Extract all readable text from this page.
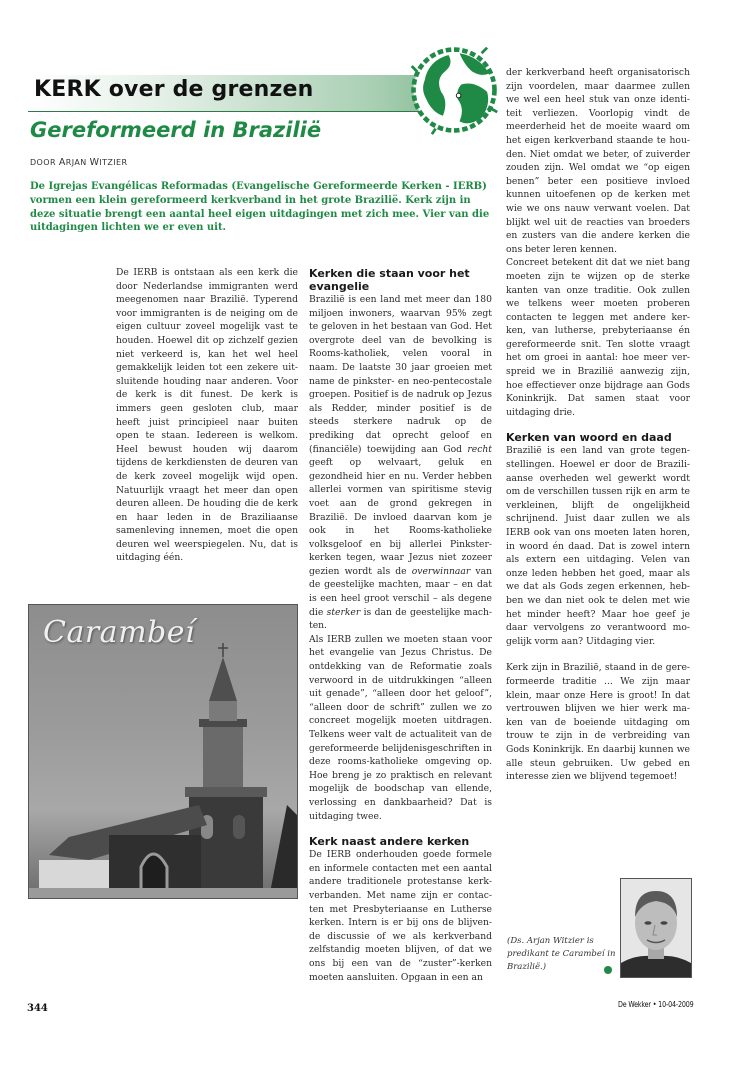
KERK over de grenzen
Gereformeerd in Brazilië
DOOR ARJAN WITZIER
De Igrejas Evangélicas Reformadas (Evangelische Gereformeerde Kerken - IERB) vormen een klein gereformeerd kerkverband in het grote Brazilië. Kerk zijn in deze situatie brengt een aantal heel eigen uitdagingen met zich mee. Vier van die uitdagingen lichten we er even uit.

De IERB is ontstaan als een kerk die door Nederlandse immigranten werd meegenomen naar Brazilië. Typerend voor immigranten is de neiging om de eigen cultuur zoveel mogelijk vast te houden. Hoewel dit op zichzelf gezien niet verkeerd is, kan het wel heel gemakkelijk leiden tot een zekere uitsluitende houding naar anderen. Voor de kerk is dit funest. De kerk is immers geen gesloten club, maar heeft juist principieel naar buiten open te staan. Iedereen is welkom. Heel bewust houden wij daarom tijdens de kerkdiensten de deuren van de kerk zoveel mogelijk wijd open. Natuurlijk vraagt het meer dan open deuren alleen. De houding die de kerk en haar leden in de Braziliaanse samenleving innemen, moet die open deuren wel weerspiegelen. Nu, dat is uitdaging één.

Carambeí
Kerken die staan voor het evangelie

Brazilië is een land met meer dan 180 miljoen inwoners, waarvan 95% zegt te geloven in het bestaan van God. Het overgrote deel van de bevolking is Rooms-katholiek, velen vooral in naam. De laatste 30 jaar groeien met name de pinkster- en neo-pentecostale groepen. Positief is de nadruk op Jezus als Redder, minder positief is de steeds sterkere nadruk op de prediking dat oprecht geloof en (financiële) toewijding aan God recht geeft op welvaart, geluk en gezondheid hier en nu. Verder hebben allerlei vormen van spiritisme stevig voet aan de grond gekregen in Brazilië. De invloed daarvan kom je ook in het Rooms-katholieke volksgeloof en bij allerlei Pinksterkerken tegen, waar Jezus niet zozeer gezien wordt als de overwinnaar van de geestelijke machten, maar – en dat is een heel groot verschil – als degene die sterker is dan de geestelijke machten.

Als IERB zullen we moeten staan voor het evangelie van Jezus Christus. De ontdekking van de Reformatie zoals verwoord in de uitdrukkingen “alleen uit genade”, “alleen door het geloof”, “alleen door de schrift” zullen we zo concreet mogelijk moeten uitdragen. Telkens weer valt de actualiteit van de gereformeerde belijdenisgeschriften in deze rooms-katholieke omgeving op. Hoe breng je zo praktisch en relevant mogelijk de boodschap van ellende, verlossing en dankbaarheid? Dat is uitdaging twee.

Kerk naast andere kerken

De IERB onderhouden goede formele en informele contacten met een aantal andere traditionele protestanse kerkverbanden. Met name zijn er contacten met Presbyteriaanse en Lutherse kerken. Intern is er bij ons de blijvende discussie of we als kerkverband zelfstandig moeten blijven, of dat we ons bij een van de “zuster”-kerken moeten aansluiten. Opgaan in een an

der kerkverband heeft organisatorisch zijn voordelen, maar daarmee zullen we wel een heel stuk van onze identiteit verliezen. Voorlopig vindt de meerderheid het de moeite waard om het eigen kerkverband staande te houden. Niet omdat we beter, of zuiverder zouden zijn. Wel omdat we “op eigen benen” beter een positieve invloed kunnen uitoefenen op de kerken met wie we ons nauw verwant voelen. Dat blijkt wel uit de reacties van broeders en zusters van die andere kerken die ons beter leren kennen.

Concreet betekent dit dat we niet bang moeten zijn te wijzen op de sterke kanten van onze traditie. Ook zullen we telkens weer moeten proberen contacten te leggen met andere kerken, van lutherse, prebyteriaanse én gereformeerde snit. Ten slotte vraagt het om groei in aantal: hoe meer verspreid we in Brazilië aanwezig zijn, hoe effectiever onze bijdrage aan Gods Koninkrijk. Dat samen staat voor uitdaging drie.

Kerken van woord en daad

Brazilië is een land van grote tegenstellingen. Hoewel er door de Braziliaanse overheden wel gewerkt wordt om de verschillen tussen rijk en arm te verkleinen, blijft de ongelijkheid schrijnend. Juist daar zullen we als IERB ook van ons moeten laten horen, in woord én daad. Dat is zowel intern als extern een uitdaging. Velen van onze leden hebben het goed, maar als we dat als Gods zegen erkennen, hebben we dan niet ook te delen met wie het minder heeft? Maar hoe geef je daar vervolgens zo verantwoord mogelijk vorm aan? Uitdaging vier.

Kerk zijn in Brazilië, staand in de gereformeerde traditie ... We zijn maar klein, maar onze Here is groot! In dat vertrouwen blijven we hier werk maken van de boeiende uitdaging om trouw te zijn in de verbreiding van Gods Koninkrijk. En daarbij kunnen we alle steun gebruiken. Uw gebed en interesse zien we blijvend tegemoet!

(Ds. Arjan Witzier is predikant te Carambeí in Brazilië.)
344	De Wekker • 10-04-2009
